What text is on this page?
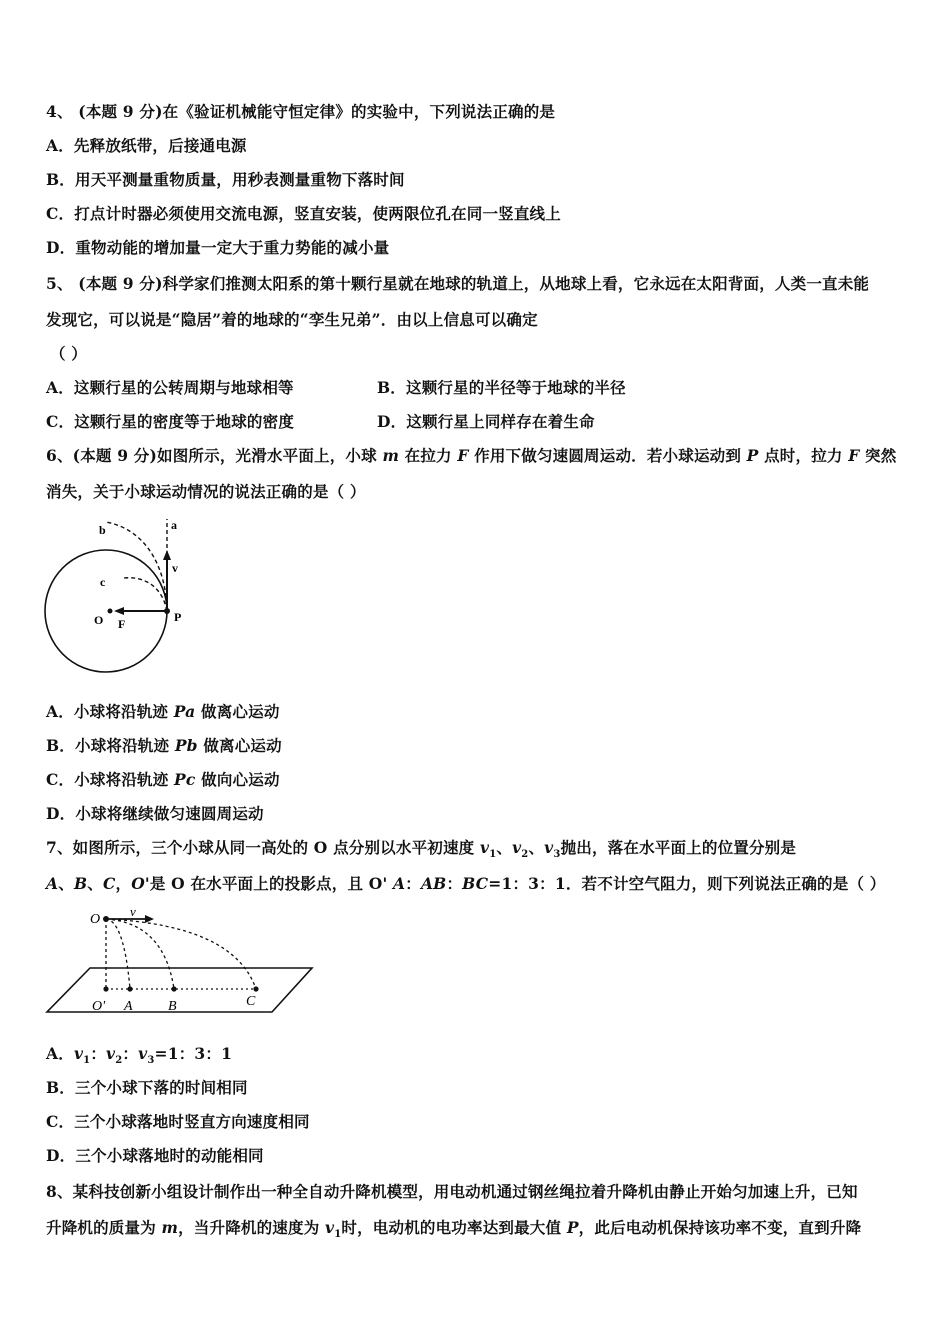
4、 (本题 9 分)在《验证机械能守恒定律》的实验中，下列说法正确的是
A．先释放纸带，后接通电源
B．用天平测量重物质量，用秒表测量重物下落时间
C．打点计时器必须使用交流电源，竖直安装，使两限位孔在同一竖直线上
D．重物动能的增加量一定大于重力势能的减小量
5、 (本题 9 分)科学家们推测太阳系的第十颗行星就在地球的轨道上，从地球上看，它永远在太阳背面，人类一直未能
发现它，可以说是“隐居”着的地球的“孪生兄弟”．由以上信息可以确定
（ ）
A．这颗行星的公转周期与地球相等	B．这颗行星的半径等于地球的半径
C．这颗行星的密度等于地球的密度	D．这颗行星上同样存在着生命
6、(本题 9 分)如图所示，光滑水平面上，小球 m 在拉力 F 作用下做匀速圆周运动．若小球运动到 P 点时，拉力 F 突然
消失，关于小球运动情况的说法正确的是（ ）
a
b
c
v
O F	P
A．小球将沿轨迹 Pa 做离心运动
B．小球将沿轨迹 Pb 做离心运动
C．小球将沿轨迹 Pc 做向心运动
D．小球将继续做匀速圆周运动
7、如图所示，三个小球从同一高处的 O 点分别以水平初速度 $v_1$、$v_2$、$v_3$抛出，落在水平面上的位置分别是
A、B、C，O'是 O 在水平面上的投影点，且 O' A：AB：BC=1：3：1．若不计空气阻力，则下列说法正确的是（ ）
O
v
O' A	B	C
A．$v_1$：$v_2$：$v_3=1$：3：1
B．三个小球下落的时间相同
C．三个小球落地时竖直方向速度相同
D．三个小球落地时的动能相同
8、某科技创新小组设计制作出一种全自动升降机模型，用电动机通过钢丝绳拉着升降机由静止开始匀加速上升，已知
升降机的质量为 m，当升降机的速度为 $v_1$时，电动机的电功率达到最大值 P，此后电动机保持该功率不变，直到升降
